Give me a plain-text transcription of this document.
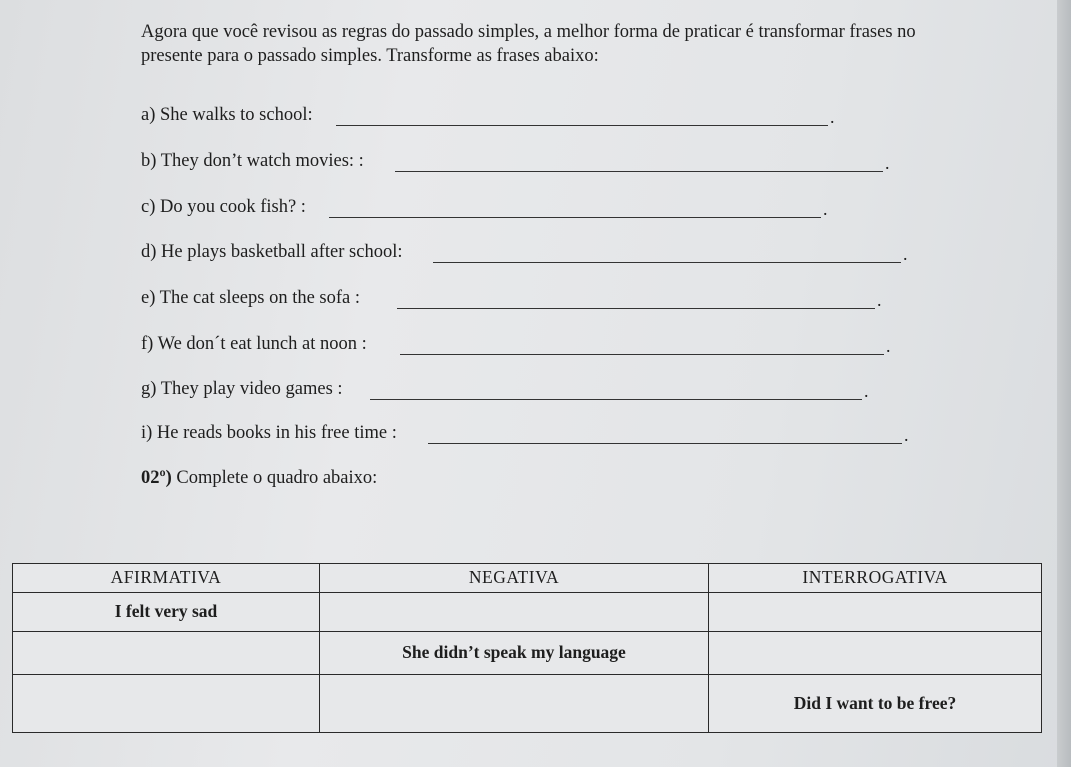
Agora que você revisou as regras do passado simples, a melhor forma de praticar é transformar frases no presente para o passado simples. Transforme as frases abaixo:

a) She walks to school:	.
b) They don’t watch movies: :	.
c) Do you cook fish? :	.
d) He plays basketball after school:	.
e) The cat sleeps on the sofa :	.
f) We don´t eat lunch at noon :	.
g) They play video games :	.
i) He reads books in his free time :	.
02º) Complete o quadro abaixo:
AFIRMATIVA	NEGATIVA	INTERROGATIVA
I felt very sad		
	She didn’t speak my language	
		Did I want to be free?
